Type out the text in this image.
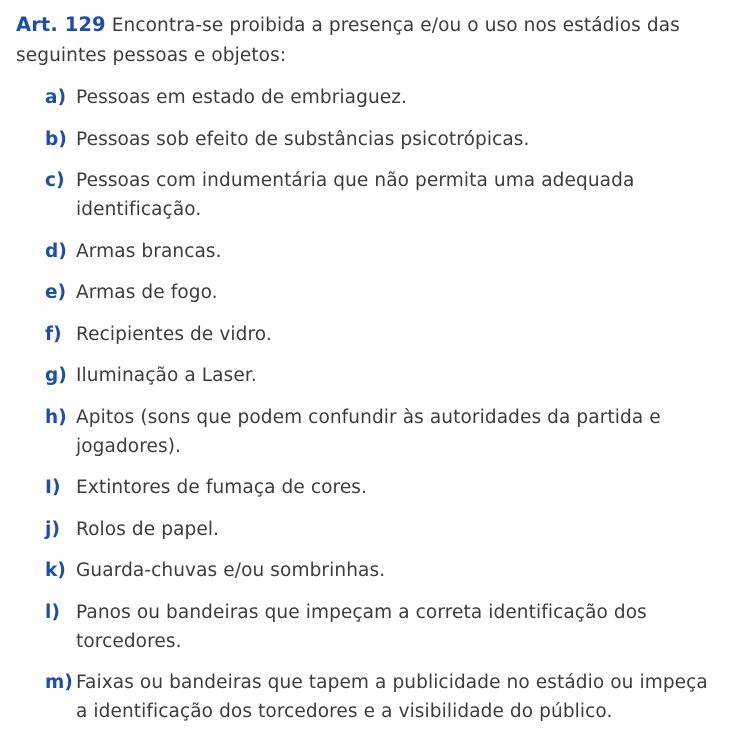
Art. 129 Encontra-se proibida a presença e/ou o uso nos estádios das seguintes pessoas e objetos:

a) Pessoas em estado de embriaguez.
b) Pessoas sob efeito de substâncias psicotrópicas.
c) Pessoas com indumentária que não permita uma adequada identificação.
d) Armas brancas.
e) Armas de fogo.
f) Recipientes de vidro.
g) Iluminação a Laser.
h) Apitos (sons que podem confundir às autoridades da partida e jogadores).
I) Extintores de fumaça de cores.
j) Rolos de papel.
k) Guarda-chuvas e/ou sombrinhas.
l) Panos ou bandeiras que impeçam a correta identificação dos torcedores.
m) Faixas ou bandeiras que tapem a publicidade no estádio ou impeça a identificação dos torcedores e a visibilidade do público.
